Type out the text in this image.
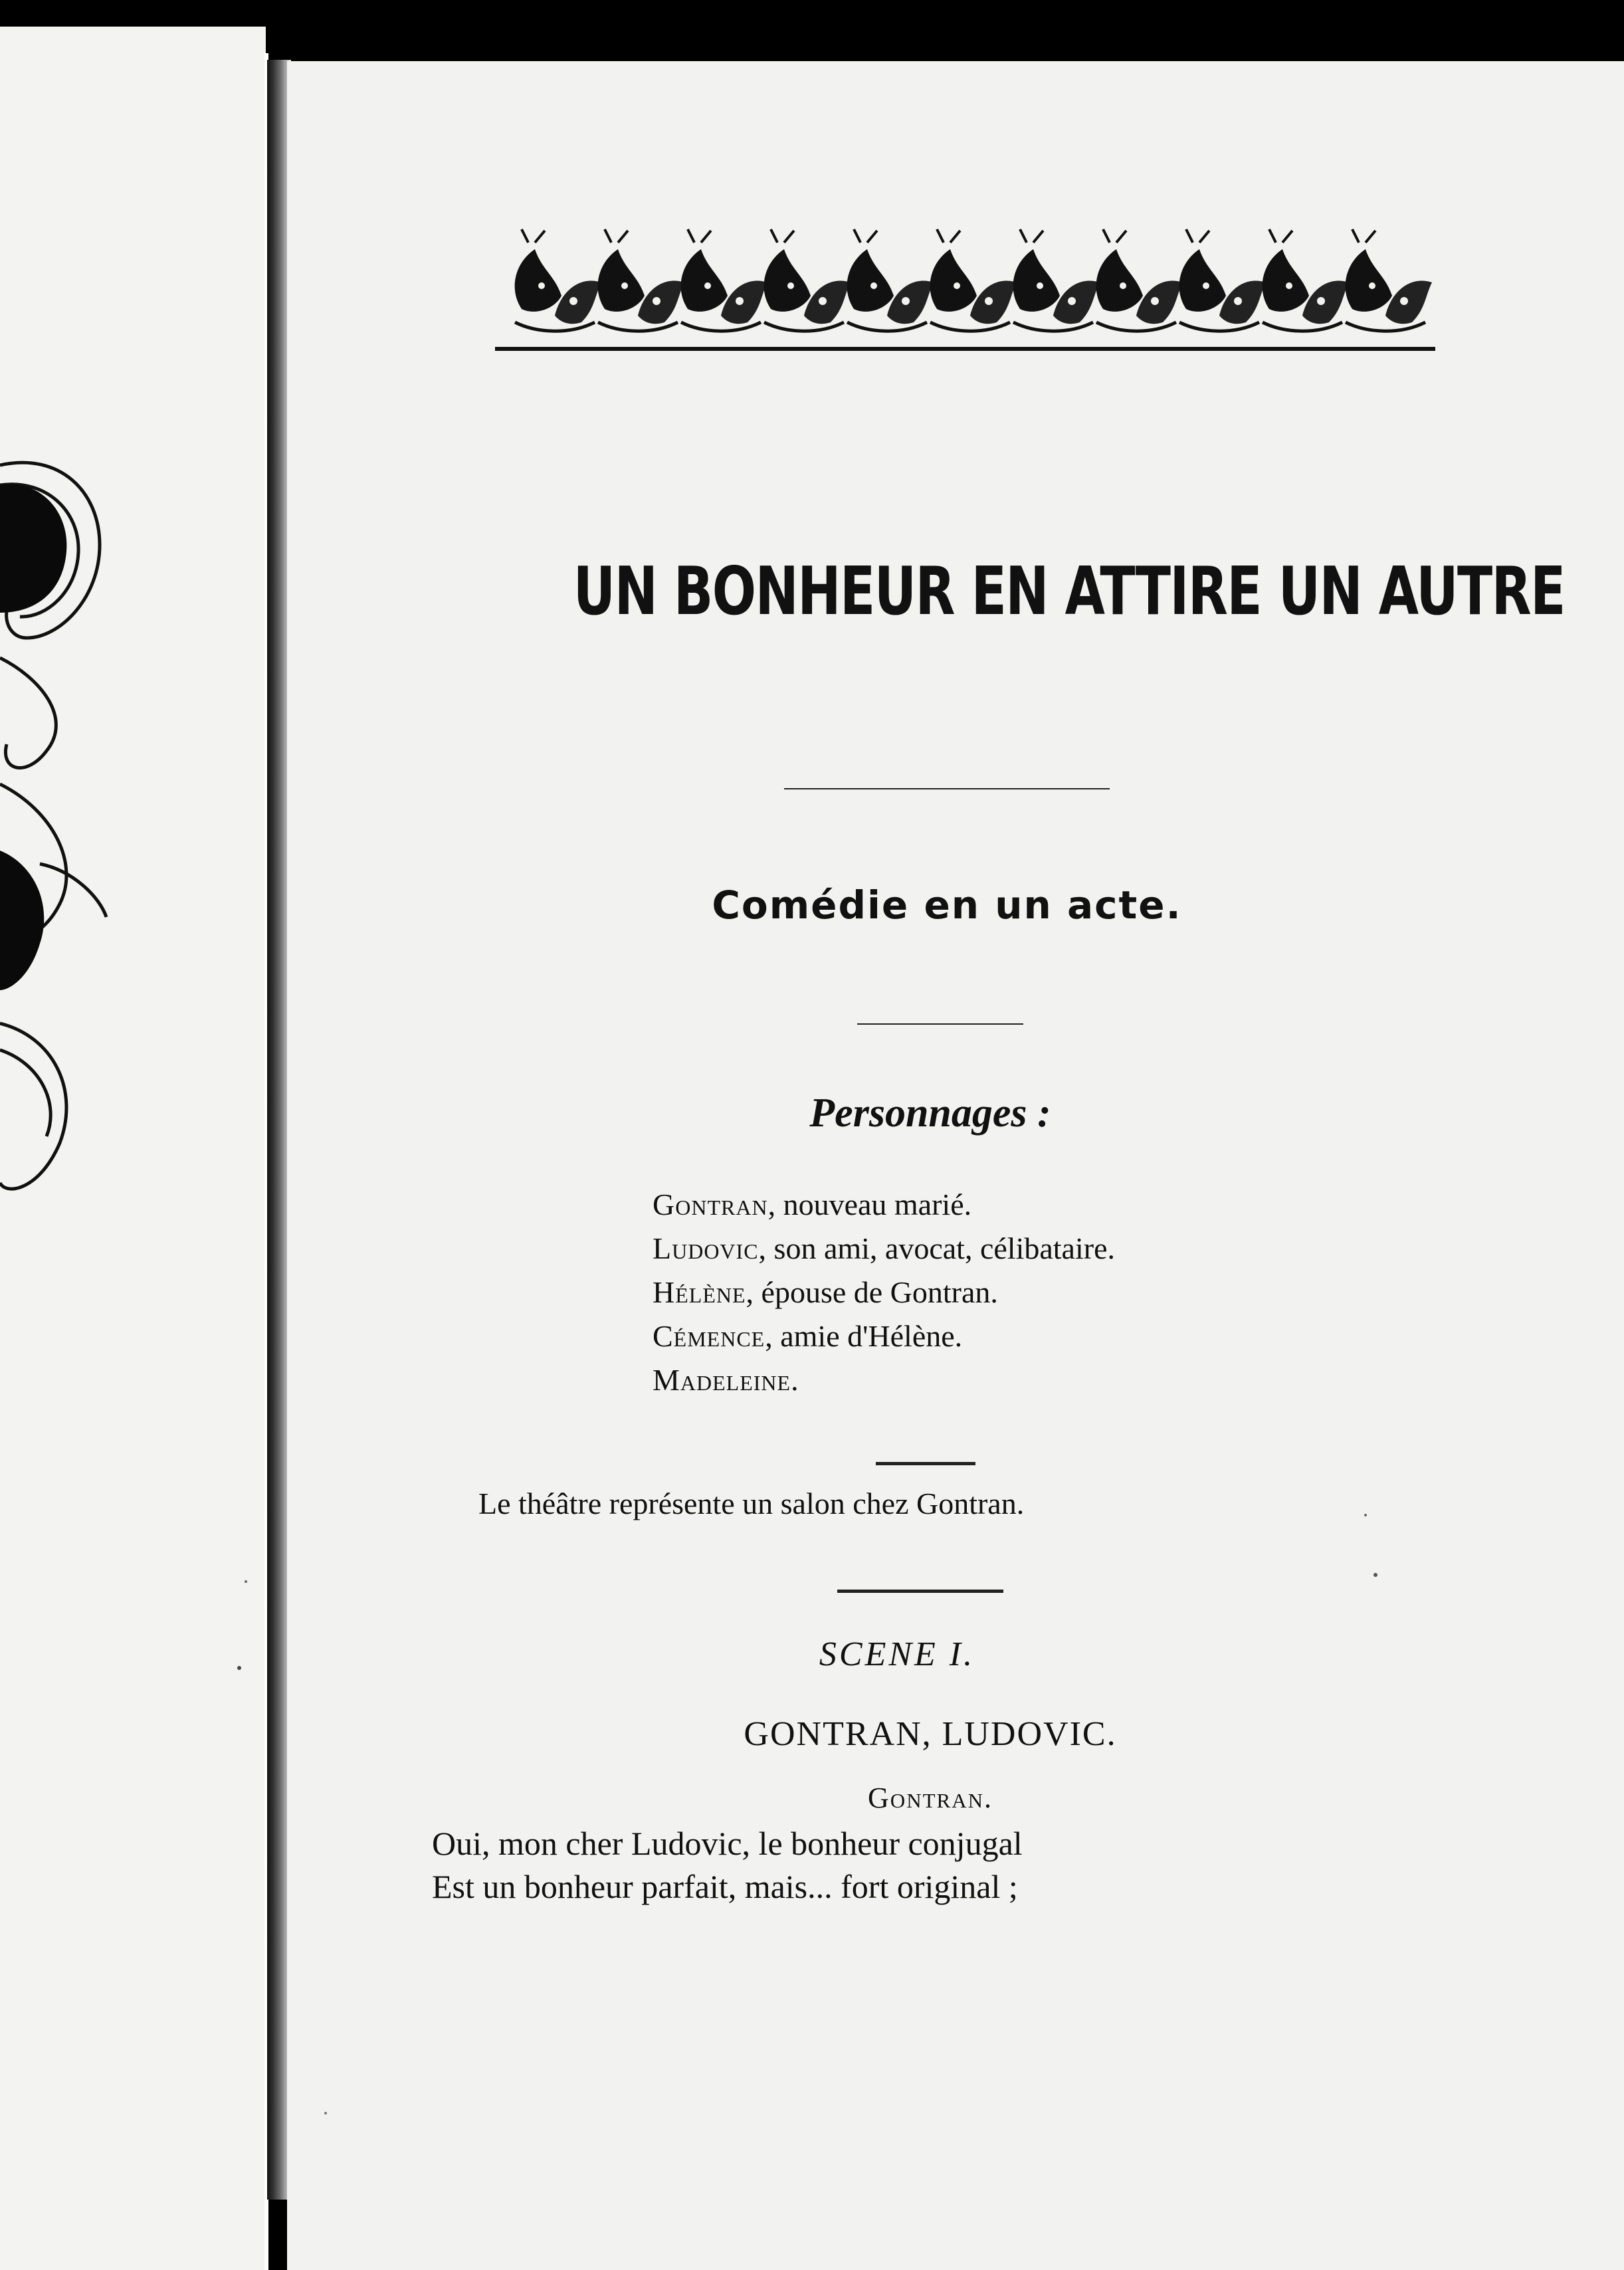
UN BONHEUR EN ATTIRE UN AUTRE
Comédie en un acte.
Personnages :
Gontran, nouveau marié.
Ludovic, son ami, avocat, célibataire.
Hélène, épouse de Gontran.
Cémence, amie d'Hélène.
Madeleine.
Le théâtre représente un salon chez Gontran.
SCENE I.
GONTRAN, LUDOVIC.
Gontran.
Oui, mon cher Ludovic, le bonheur conjugal
Est un bonheur parfait, mais... fort original ;
